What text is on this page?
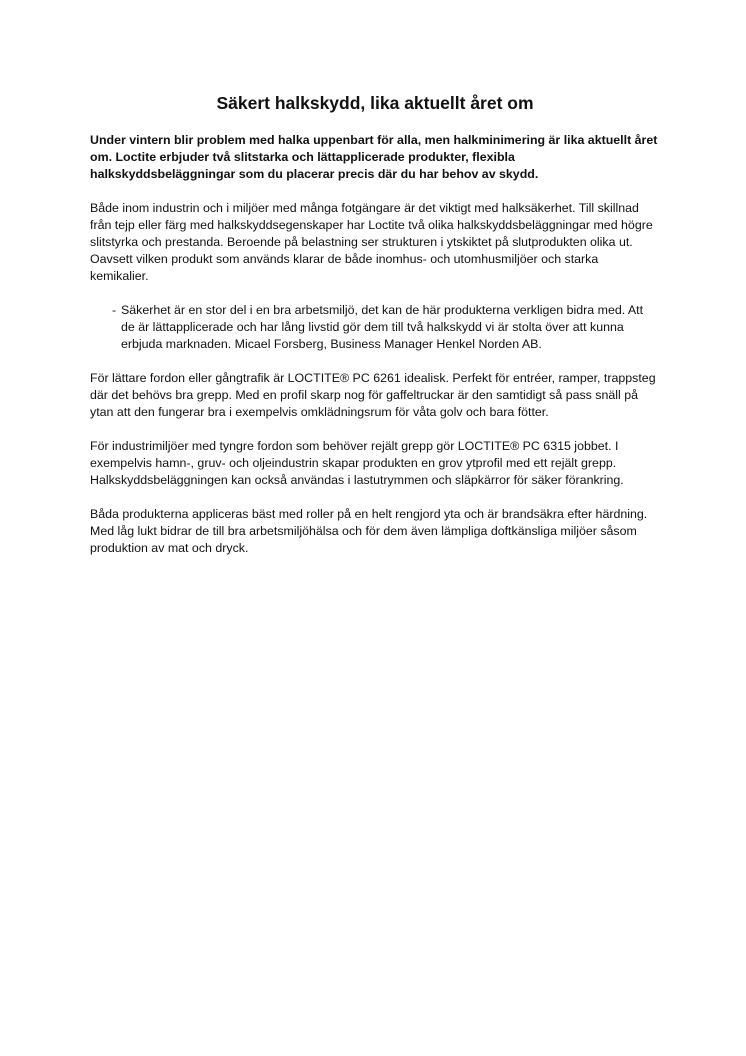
Säkert halkskydd, lika aktuellt året om

Under vintern blir problem med halka uppenbart för alla, men halkminimering är lika aktuellt året om. Loctite erbjuder två slitstarka och lättapplicerade produkter, flexibla halkskyddsbeläggningar som du placerar precis där du har behov av skydd.

Både inom industrin och i miljöer med många fotgängare är det viktigt med halksäkerhet. Till skillnad från tejp eller färg med halkskyddsegenskaper har Loctite två olika halkskyddsbeläggningar med högre slitstyrka och prestanda. Beroende på belastning ser strukturen i ytskiktet på slutprodukten olika ut. Oavsett vilken produkt som används klarar de både inomhus- och utomhusmiljöer och starka kemikalier.

- Säkerhet är en stor del i en bra arbetsmiljö, det kan de här produkterna verkligen bidra med. Att de är lättapplicerade och har lång livstid gör dem till två halkskydd vi är stolta över att kunna erbjuda marknaden. Micael Forsberg, Business Manager Henkel Norden AB.

För lättare fordon eller gångtrafik är LOCTITE® PC 6261 idealisk. Perfekt för entréer, ramper, trappsteg där det behövs bra grepp. Med en profil skarp nog för gaffeltruckar är den samtidigt så pass snäll på ytan att den fungerar bra i exempelvis omklädningsrum för våta golv och bara fötter.

För industrimiljöer med tyngre fordon som behöver rejält grepp gör LOCTITE® PC 6315 jobbet. I exempelvis hamn-, gruv- och oljeindustrin skapar produkten en grov ytprofil med ett rejält grepp. Halkskyddsbeläggningen kan också användas i lastutrymmen och släpkärror för säker förankring.

Båda produkterna appliceras bäst med roller på en helt rengjord yta och är brandsäkra efter härdning. Med låg lukt bidrar de till bra arbetsmiljöhälsa och för dem även lämpliga doftkänsliga miljöer såsom produktion av mat och dryck.
